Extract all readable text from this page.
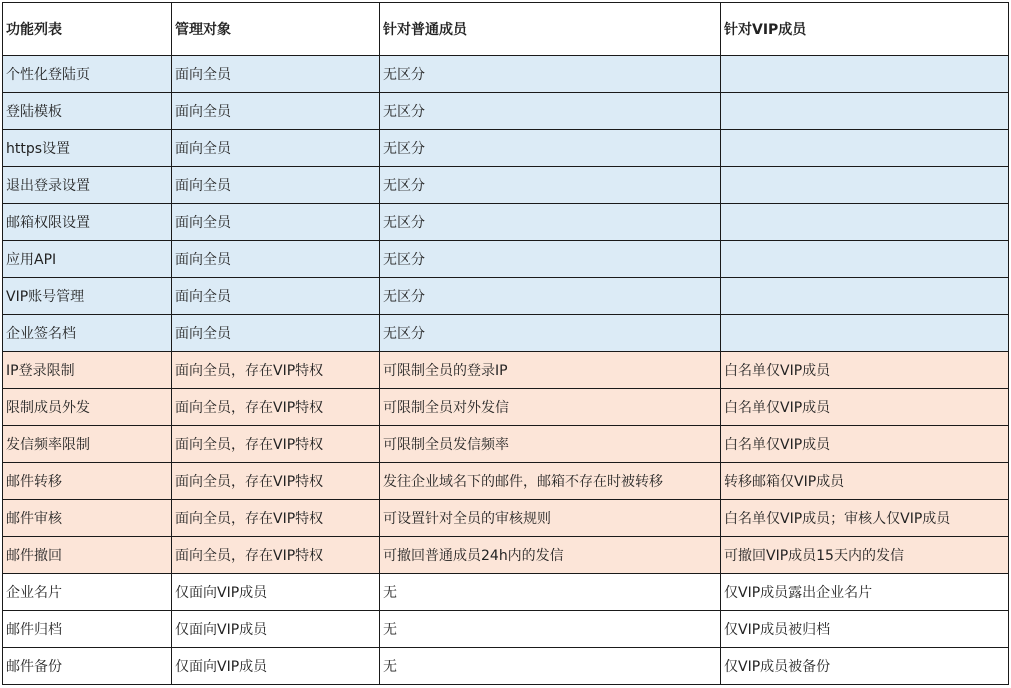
功能列表	管理对象	针对普通成员	针对VIP成员
个性化登陆页	面向全员	无区分	
登陆模板	面向全员	无区分	
https设置	面向全员	无区分	
退出登录设置	面向全员	无区分	
邮箱权限设置	面向全员	无区分	
应用API	面向全员	无区分	
VIP账号管理	面向全员	无区分	
企业签名档	面向全员	无区分	
IP登录限制	面向全员，存在VIP特权	可限制全员的登录IP	白名单仅VIP成员
限制成员外发	面向全员，存在VIP特权	可限制全员对外发信	白名单仅VIP成员
发信频率限制	面向全员，存在VIP特权	可限制全员发信频率	白名单仅VIP成员
邮件转移	面向全员，存在VIP特权	发往企业域名下的邮件，邮箱不存在时被转移	转移邮箱仅VIP成员
邮件审核	面向全员，存在VIP特权	可设置针对全员的审核规则	白名单仅VIP成员；审核人仅VIP成员
邮件撤回	面向全员，存在VIP特权	可撤回普通成员24h内的发信	可撤回VIP成员15天内的发信
企业名片	仅面向VIP成员	无	仅VIP成员露出企业名片
邮件归档	仅面向VIP成员	无	仅VIP成员被归档
邮件备份	仅面向VIP成员	无	仅VIP成员被备份
